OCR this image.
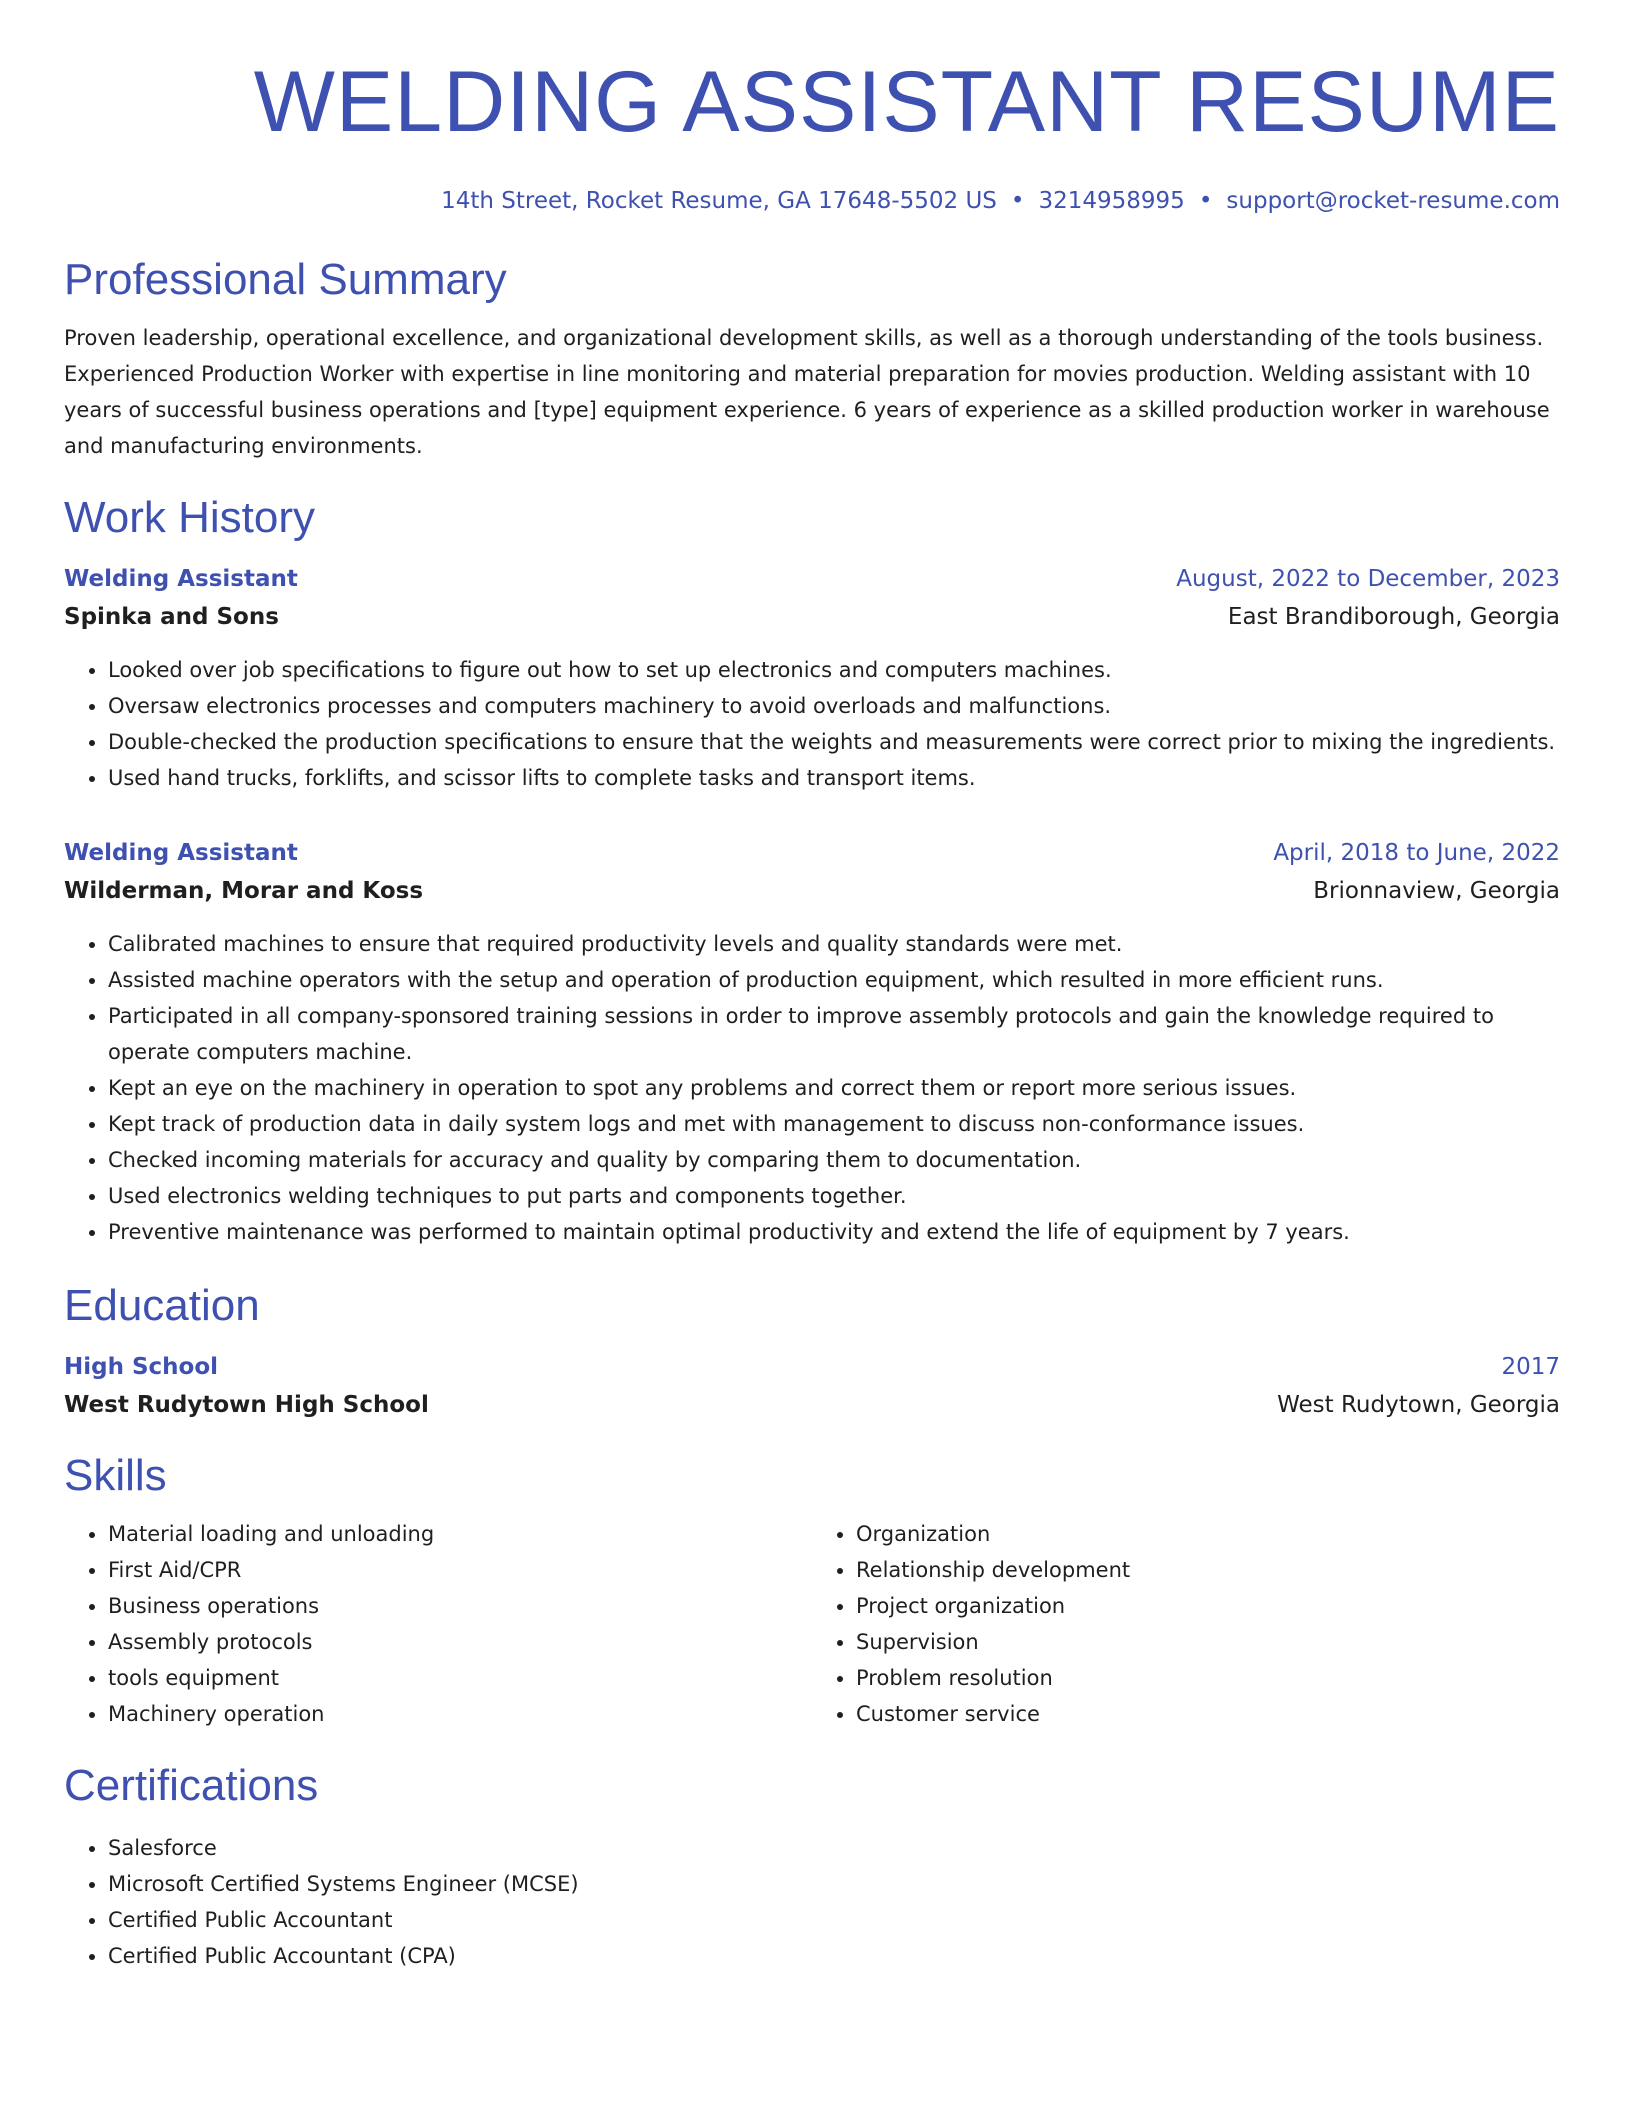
WELDING ASSISTANT RESUME
14th Street, Rocket Resume, GA 17648-5502 US • 3214958995 • support@rocket-resume.com
Professional Summary
Proven leadership, operational excellence, and organizational development skills, as well as a thorough understanding of the tools business. Experienced Production Worker with expertise in line monitoring and material preparation for movies production. Welding assistant with 10 years of successful business operations and [type] equipment experience. 6 years of experience as a skilled production worker in warehouse and manufacturing environments.
Work History
Welding Assistant	August, 2022 to December, 2023
Spinka and Sons	East Brandiborough, Georgia
• Looked over job specifications to figure out how to set up electronics and computers machines.
• Oversaw electronics processes and computers machinery to avoid overloads and malfunctions.
• Double-checked the production specifications to ensure that the weights and measurements were correct prior to mixing the ingredients.
• Used hand trucks, forklifts, and scissor lifts to complete tasks and transport items.
Welding Assistant	April, 2018 to June, 2022
Wilderman, Morar and Koss	Brionnaview, Georgia
• Calibrated machines to ensure that required productivity levels and quality standards were met.
• Assisted machine operators with the setup and operation of production equipment, which resulted in more efficient runs.
• Participated in all company-sponsored training sessions in order to improve assembly protocols and gain the knowledge required to operate computers machine.
• Kept an eye on the machinery in operation to spot any problems and correct them or report more serious issues.
• Kept track of production data in daily system logs and met with management to discuss non-conformance issues.
• Checked incoming materials for accuracy and quality by comparing them to documentation.
• Used electronics welding techniques to put parts and components together.
• Preventive maintenance was performed to maintain optimal productivity and extend the life of equipment by 7 years.
Education
High School	2017
West Rudytown High School	West Rudytown, Georgia
Skills
• Material loading and unloading
• First Aid/CPR
• Business operations
• Assembly protocols
• tools equipment
• Machinery operation
• Organization
• Relationship development
• Project organization
• Supervision
• Problem resolution
• Customer service
Certifications
• Salesforce
• Microsoft Certified Systems Engineer (MCSE)
• Certified Public Accountant
• Certified Public Accountant (CPA)
